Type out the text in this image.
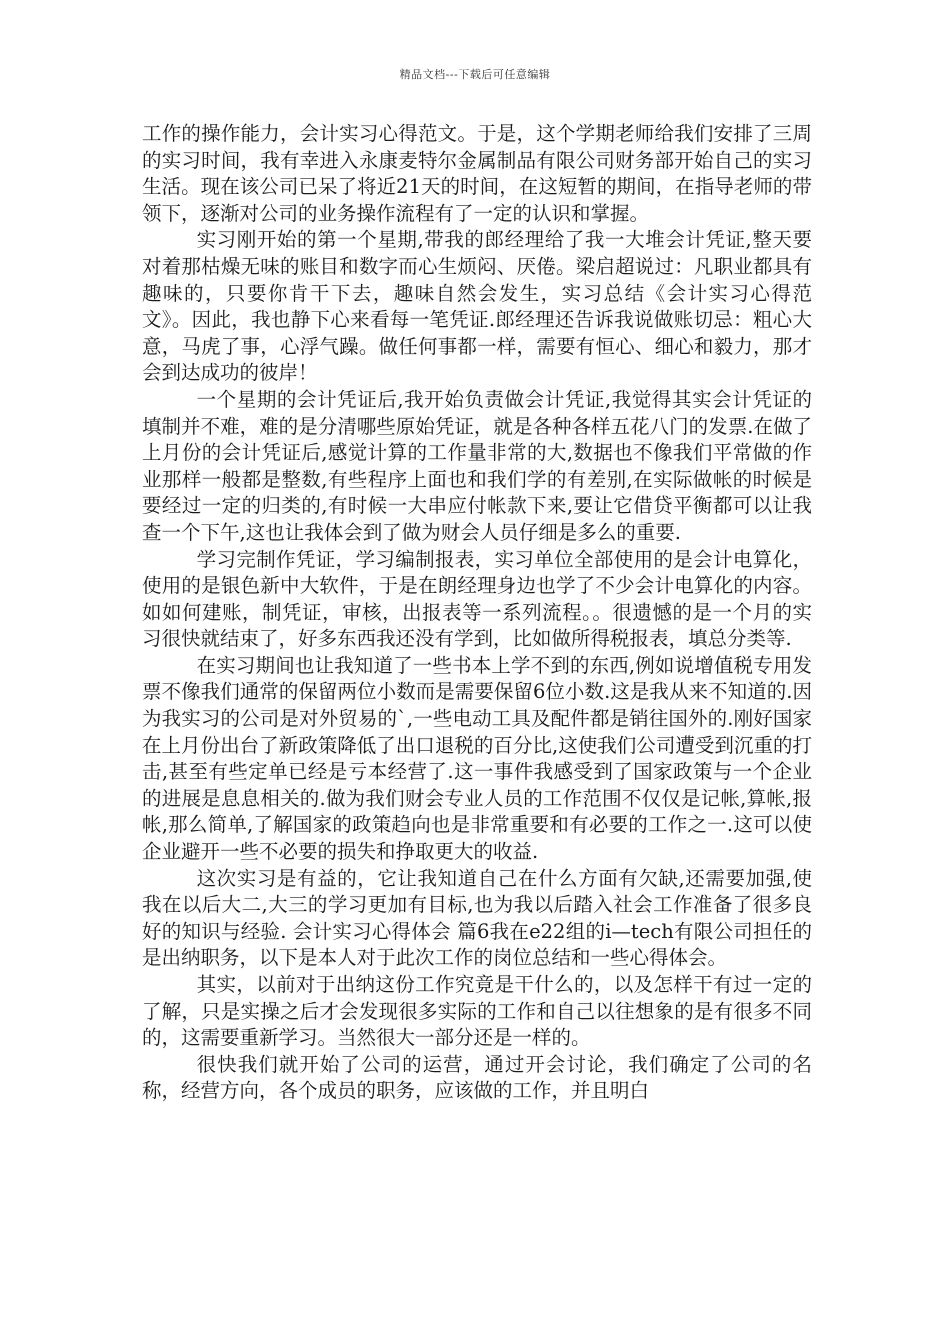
精品文档---下载后可任意编辑

工作的操作能力，会计实习心得范文。于是，这个学期老师给我们安排了三周的实习时间，我有幸进入永康麦特尔金属制品有限公司财务部开始自己的实习生活。现在该公司已呆了将近21天的时间，在这短暂的期间，在指导老师的带领下，逐渐对公司的业务操作流程有了一定的认识和掌握。

实习刚开始的第一个星期,带我的郎经理给了我一大堆会计凭证,整天要对着那枯燥无味的账目和数字而心生烦闷、厌倦。梁启超说过：凡职业都具有趣味的，只要你肯干下去，趣味自然会发生，实习总结《会计实习心得范文》。因此，我也静下心来看每一笔凭证.郎经理还告诉我说做账切忌：粗心大意，马虎了事，心浮气躁。做任何事都一样，需要有恒心、细心和毅力，那才会到达成功的彼岸！

一个星期的会计凭证后,我开始负责做会计凭证,我觉得其实会计凭证的填制并不难，难的是分清哪些原始凭证，就是各种各样五花八门的发票.在做了上月份的会计凭证后,感觉计算的工作量非常的大,数据也不像我们平常做的作业那样一般都是整数,有些程序上面也和我们学的有差别,在实际做帐的时候是要经过一定的归类的,有时候一大串应付帐款下来,要让它借贷平衡都可以让我查一个下午,这也让我体会到了做为财会人员仔细是多么的重要.

学习完制作凭证，学习编制报表，实习单位全部使用的是会计电算化，使用的是银色新中大软件，于是在朗经理身边也学了不少会计电算化的内容。如如何建账，制凭证，审核，出报表等一系列流程。。很遗憾的是一个月的实习很快就结束了，好多东西我还没有学到，比如做所得税报表，填总分类等.

在实习期间也让我知道了一些书本上学不到的东西,例如说增值税专用发票不像我们通常的保留两位小数而是需要保留6位小数.这是我从来不知道的.因为我实习的公司是对外贸易的`,一些电动工具及配件都是销往国外的.刚好国家在上月份出台了新政策降低了出口退税的百分比,这使我们公司遭受到沉重的打击,甚至有些定单已经是亏本经营了.这一事件我感受到了国家政策与一个企业的进展是息息相关的.做为我们财会专业人员的工作范围不仅仅是记帐,算帐,报帐,那么简单,了解国家的政策趋向也是非常重要和有必要的工作之一.这可以使企业避开一些不必要的损失和挣取更大的收益.

这次实习是有益的，它让我知道自己在什么方面有欠缺,还需要加强,使我在以后大二,大三的学习更加有目标,也为我以后踏入社会工作准备了很多良好的知识与经验. 会计实习心得体会 篇6我在e22组的i—tech有限公司担任的是出纳职务，以下是本人对于此次工作的岗位总结和一些心得体会。

其实，以前对于出纳这份工作究竟是干什么的，以及怎样干有过一定的了解，只是实操之后才会发现很多实际的工作和自己以往想象的是有很多不同的，这需要重新学习。当然很大一部分还是一样的。

很快我们就开始了公司的运营，通过开会讨论，我们确定了公司的名称，经营方向，各个成员的职务，应该做的工作，并且明白
